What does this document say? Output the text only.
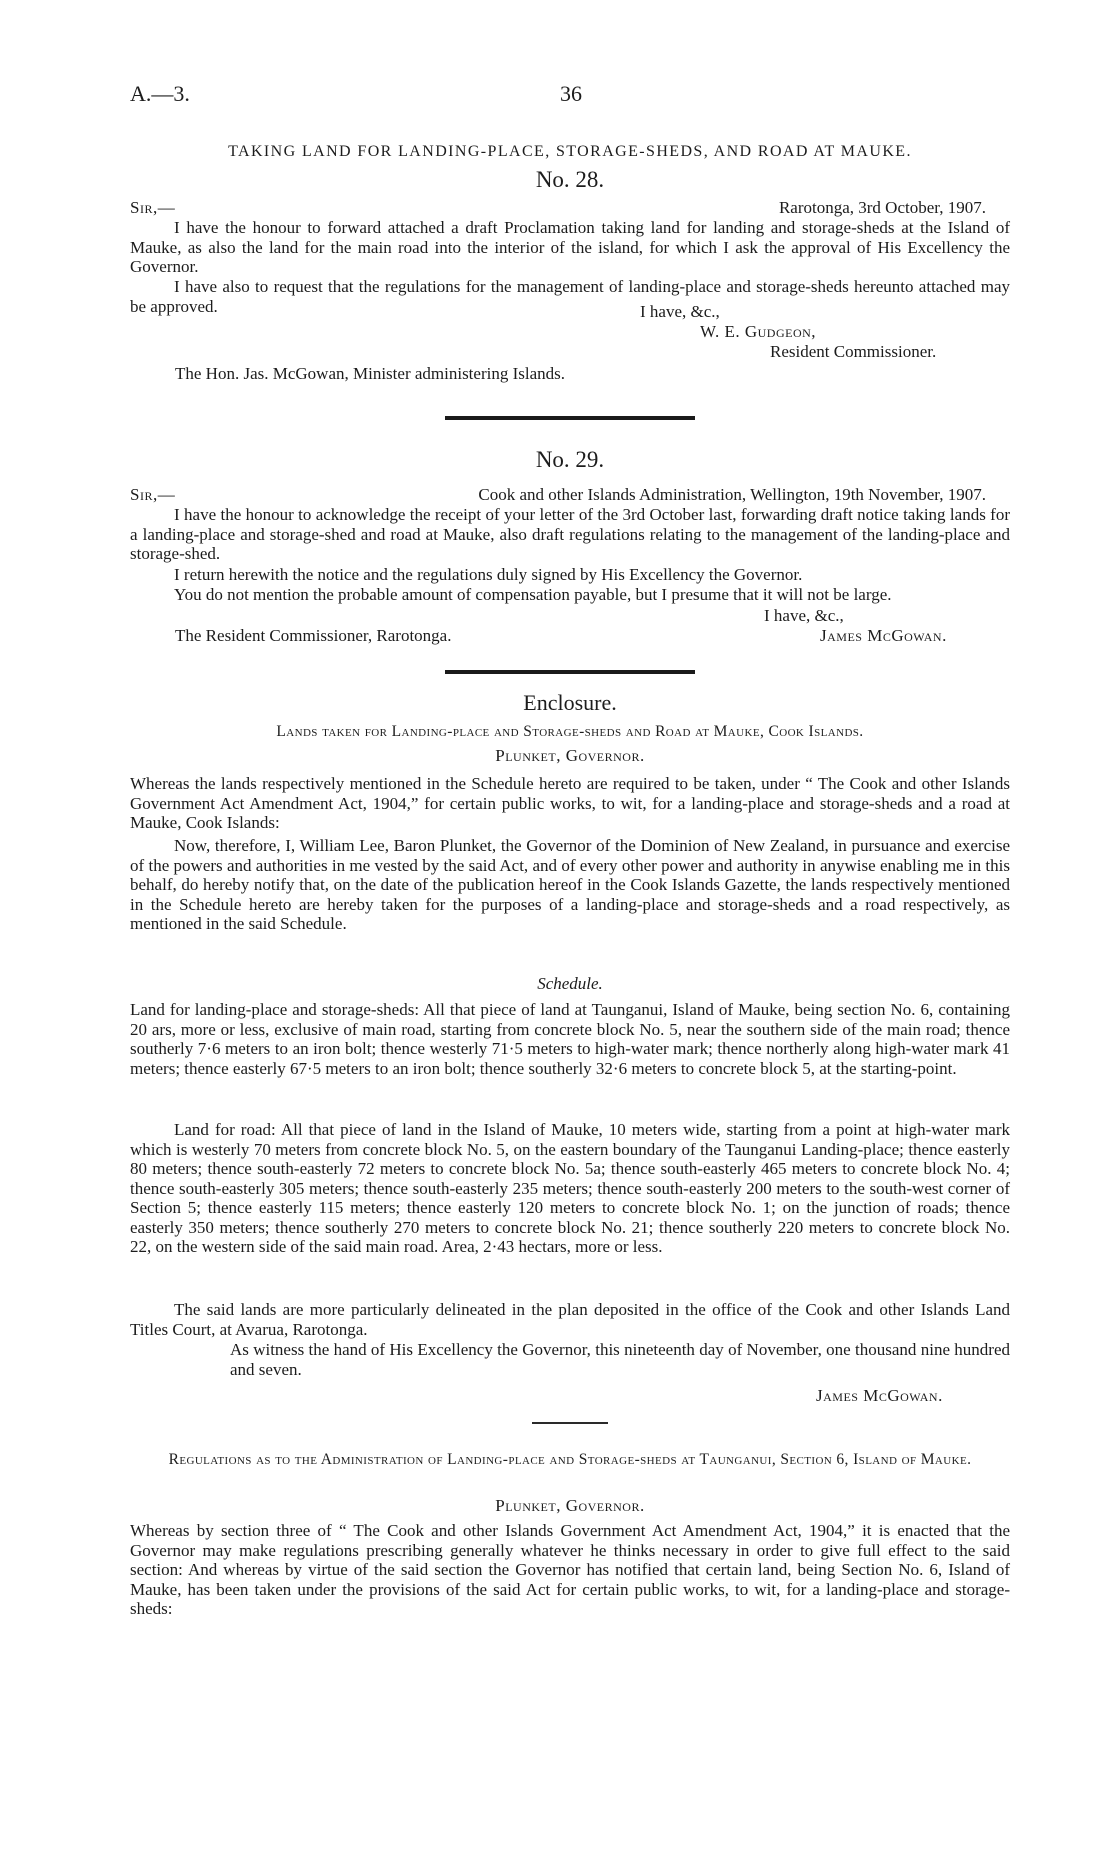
A.—3.	36
TAKING LAND FOR LANDING-PLACE, STORAGE-SHEDS, AND ROAD AT MAUKE.
No. 28.
Sir,—	Rarotonga, 3rd October, 1907.

I have the honour to forward attached a draft Proclamation taking land for landing and storage-sheds at the Island of Mauke, as also the land for the main road into the interior of the island, for which I ask the approval of His Excellency the Governor.

I have also to request that the regulations for the management of landing-place and storage-sheds hereunto attached may be approved.	I have, &c.,
W. E. Gudgeon,
Resident Commissioner.
The Hon. Jas. McGowan, Minister administering Islands.
No. 29.
Sir,—	Cook and other Islands Administration, Wellington, 19th November, 1907.

I have the honour to acknowledge the receipt of your letter of the 3rd October last, forwarding draft notice taking lands for a landing-place and storage-shed and road at Mauke, also draft regulations relating to the management of the landing-place and storage-shed.

I return herewith the notice and the regulations duly signed by His Excellency the Governor.

You do not mention the probable amount of compensation payable, but I presume that it will not be large.

I have, &c.,
The Resident Commissioner, Rarotonga.	James McGowan.
Enclosure.
Lands taken for Landing-place and Storage-sheds and Road at Mauke, Cook Islands.
Plunket, Governor.

Whereas the lands respectively mentioned in the Schedule hereto are required to be taken, under “ The Cook and other Islands Government Act Amendment Act, 1904,” for certain public works, to wit, for a landing-place and storage-sheds and a road at Mauke, Cook Islands:

Now, therefore, I, William Lee, Baron Plunket, the Governor of the Dominion of New Zealand, in pursuance and exercise of the powers and authorities in me vested by the said Act, and of every other power and authority in anywise enabling me in this behalf, do hereby notify that, on the date of the publication hereof in the Cook Islands Gazette, the lands respectively mentioned in the Schedule hereto are hereby taken for the purposes of a landing-place and storage-sheds and a road respectively, as mentioned in the said Schedule.

Schedule.

Land for landing-place and storage-sheds: All that piece of land at Taunganui, Island of Mauke, being section No. 6, containing 20 ars, more or less, exclusive of main road, starting from concrete block No. 5, near the southern side of the main road; thence southerly 7·6 meters to an iron bolt; thence westerly 71·5 meters to high-water mark; thence northerly along high-water mark 41 meters; thence easterly 67·5 meters to an iron bolt; thence southerly 32·6 meters to concrete block 5, at the starting-point.

Land for road: All that piece of land in the Island of Mauke, 10 meters wide, starting from a point at high-water mark which is westerly 70 meters from concrete block No. 5, on the eastern boundary of the Taunganui Landing-place; thence easterly 80 meters; thence south-easterly 72 meters to concrete block No. 5a; thence south-easterly 465 meters to concrete block No. 4; thence south-easterly 305 meters; thence south-easterly 235 meters; thence south-easterly 200 meters to the south-west corner of Section 5; thence easterly 115 meters; thence easterly 120 meters to concrete block No. 1; on the junction of roads; thence easterly 350 meters; thence southerly 270 meters to concrete block No. 21; thence southerly 220 meters to concrete block No. 22, on the western side of the said main road. Area, 2·43 hectars, more or less.

The said lands are more particularly delineated in the plan deposited in the office of the Cook and other Islands Land Titles Court, at Avarua, Rarotonga.

As witness the hand of His Excellency the Governor, this nineteenth day of November, one thousand nine hundred and seven.

James McGowan.

Regulations as to the Administration of Landing-place and Storage-sheds at Taunganui, Section 6, Island of Mauke.

Plunket, Governor.

Whereas by section three of “ The Cook and other Islands Government Act Amendment Act, 1904,” it is enacted that the Governor may make regulations prescribing generally whatever he thinks necessary in order to give full effect to the said section: And whereas by virtue of the said section the Governor has notified that certain land, being Section No. 6, Island of Mauke, has been taken under the provisions of the said Act for certain public works, to wit, for a landing-place and storage-sheds:
